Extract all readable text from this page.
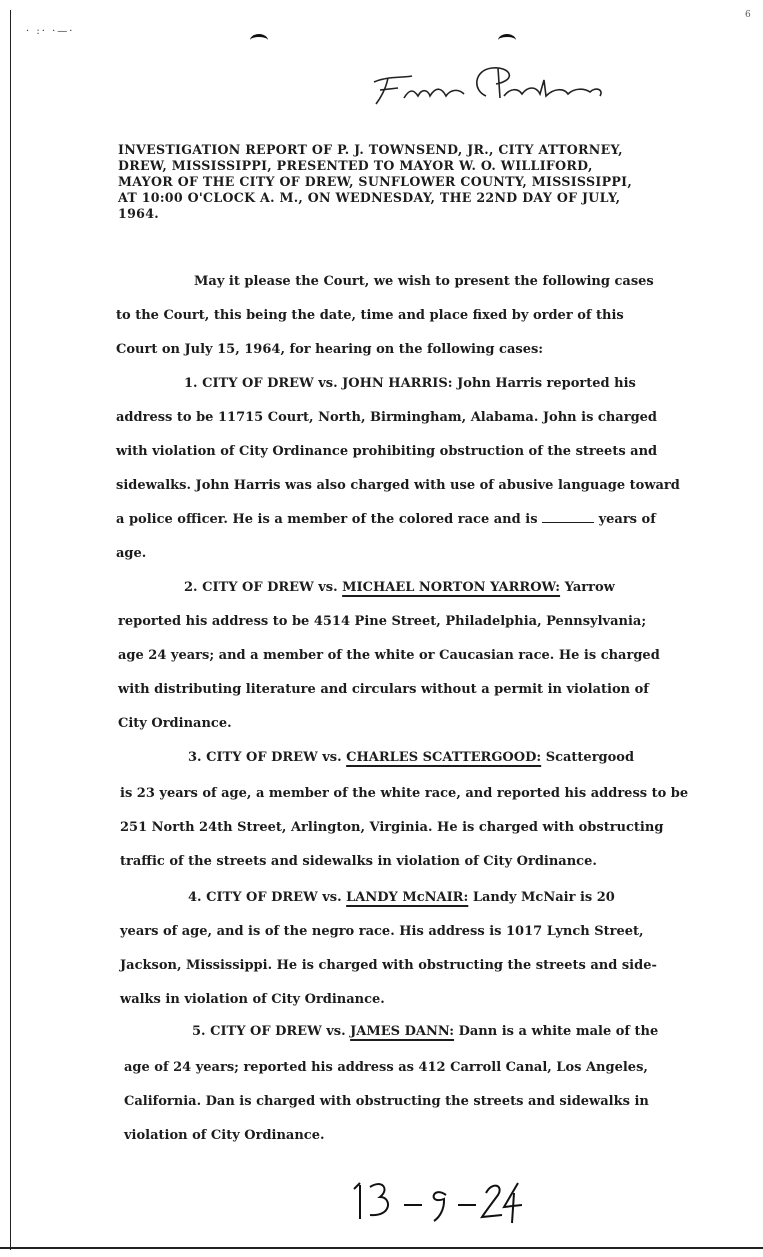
6
· :· ·—·
INVESTIGATION REPORT OF P. J. TOWNSEND, JR., CITY ATTORNEY,
DREW, MISSISSIPPI, PRESENTED TO MAYOR W. O. WILLIFORD,
MAYOR OF THE CITY OF DREW, SUNFLOWER COUNTY, MISSISSIPPI,
AT 10:00 O'CLOCK A. M., ON WEDNESDAY, THE 22ND DAY OF JULY,
1964.
May it please the Court, we wish to present the following cases
to the Court, this being the date, time and place fixed by order of this
Court on July 15, 1964, for hearing on the following cases:
1. CITY OF DREW vs. JOHN HARRIS: John Harris reported his
address to be 11715 Court, North, Birmingham, Alabama. John is charged
with violation of City Ordinance prohibiting obstruction of the streets and
sidewalks. John Harris was also charged with use of abusive language toward
a police officer. He is a member of the colored race and is	years of
age.
2. CITY OF DREW vs. MICHAEL NORTON YARROW: Yarrow
reported his address to be 4514 Pine Street, Philadelphia, Pennsylvania;
age 24 years; and a member of the white or Caucasian race. He is charged
with distributing literature and circulars without a permit in violation of
City Ordinance.
3. CITY OF DREW vs. CHARLES SCATTERGOOD: Scattergood
is 23 years of age, a member of the white race, and reported his address to be
251 North 24th Street, Arlington, Virginia. He is charged with obstructing
traffic of the streets and sidewalks in violation of City Ordinance.
4. CITY OF DREW vs. LANDY McNAIR: Landy McNair is 20
years of age, and is of the negro race. His address is 1017 Lynch Street,
Jackson, Mississippi. He is charged with obstructing the streets and side-
walks in violation of City Ordinance.
5. CITY OF DREW vs. JAMES DANN: Dann is a white male of the
age of 24 years; reported his address as 412 Carroll Canal, Los Angeles,
California. Dan is charged with obstructing the streets and sidewalks in
violation of City Ordinance.
